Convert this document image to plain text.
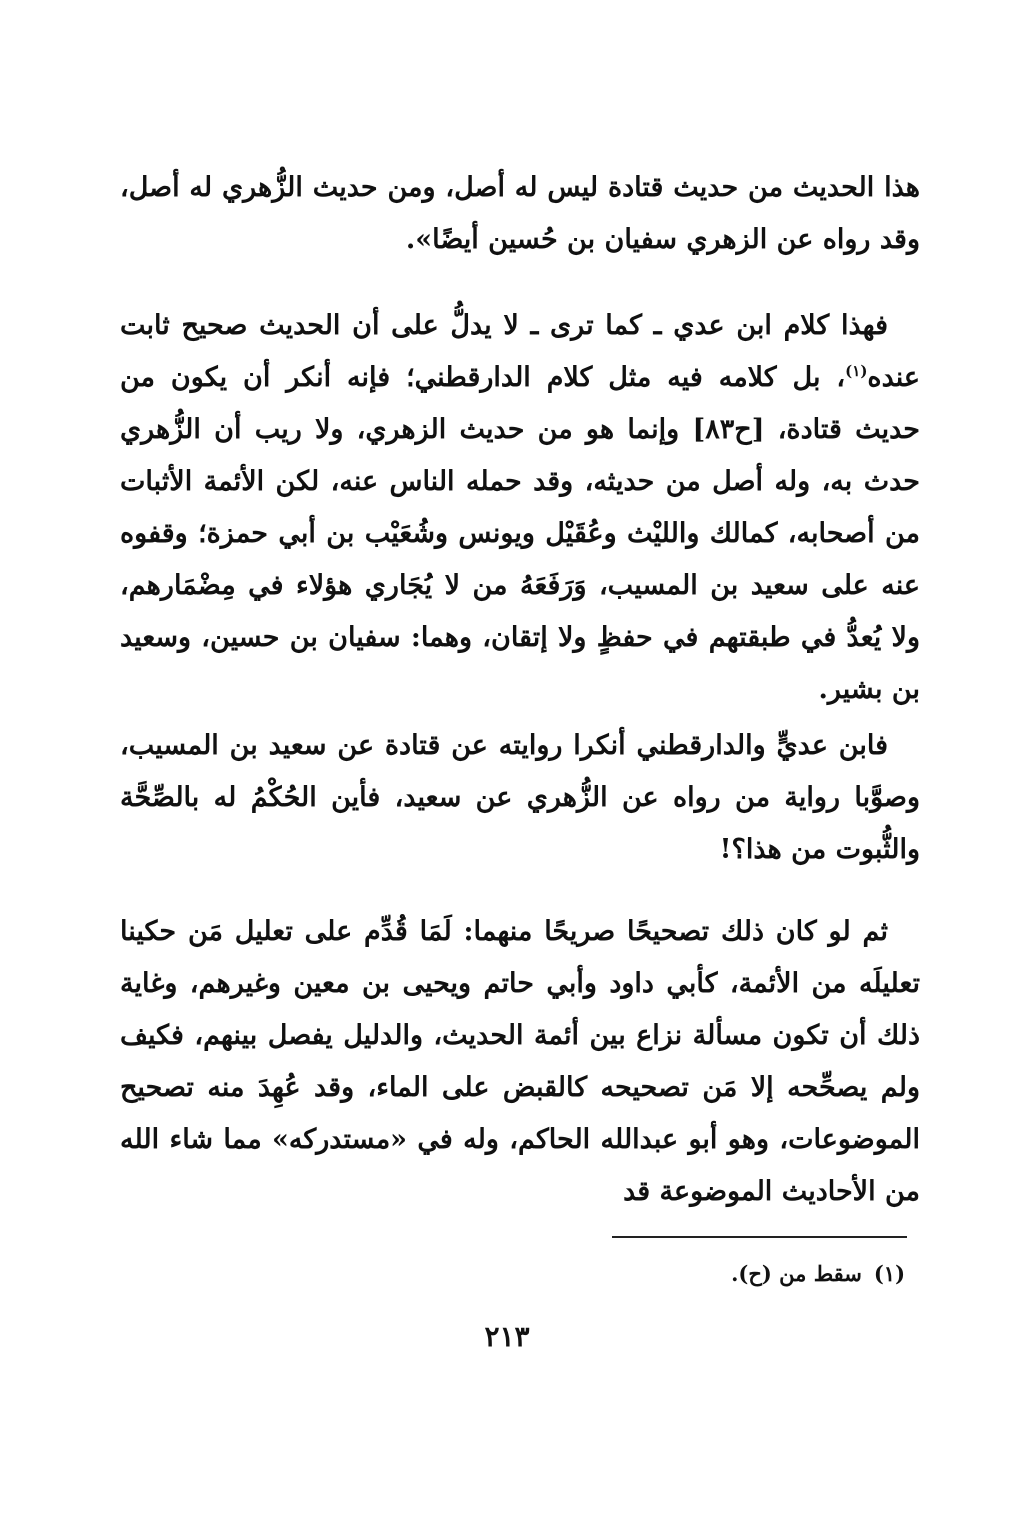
هذا الحديث من حديث قتادة ليس له أصل، ومن حديث الزُّهري له أصل، وقد رواه عن الزهري سفيان بن حُسين أيضًا».

فهذا كلام ابن عدي ـ كما ترى ـ لا يدلُّ على أن الحديث صحيح ثابت عنده$^{(١)}$، بل كلامه فيه مثل كلام الدارقطني؛ فإنه أنكر أن يكون من حديث قتادة، [ح٨٣] وإنما هو من حديث الزهري، ولا ريب أن الزُّهري حدث به، وله أصل من حديثه، وقد حمله الناس عنه، لكن الأئمة الأثبات من أصحابه، كمالك والليْث وعُقَيْل ويونس وشُعَيْب بن أبي حمزة؛ وقفوه عنه على سعيد بن المسيب، وَرَفَعَهُ من لا يُجَاري هؤلاء في مِضْمَارهم، ولا يُعدُّ في طبقتهم في حفظٍ ولا إتقان، وهما: سفيان بن حسين، وسعيد بن بشير.

فابن عديٍّ والدارقطني أنكرا روايته عن قتادة عن سعيد بن المسيب، وصوَّبا رواية من رواه عن الزُّهري عن سعيد، فأين الحُكْمُ له بالصِّحَّة والثُّبوت من هذا؟!

ثم لو كان ذلك تصحيحًا صريحًا منهما: لَمَا قُدِّم على تعليل مَن حكينا تعليلَه من الأئمة، كأبي داود وأبي حاتم ويحيى بن معين وغيرهم، وغاية ذلك أن تكون مسألة نزاع بين أئمة الحديث، والدليل يفصل بينهم، فكيف ولم يصحِّحه إلا مَن تصحيحه كالقبض على الماء، وقد عُهِدَ منه تصحيح الموضوعات، وهو أبو عبدالله الحاكم، وله في «مستدركه» مما شاء الله من الأحاديث الموضوعة قد

(١)سقط من (ح).
٢١٣
